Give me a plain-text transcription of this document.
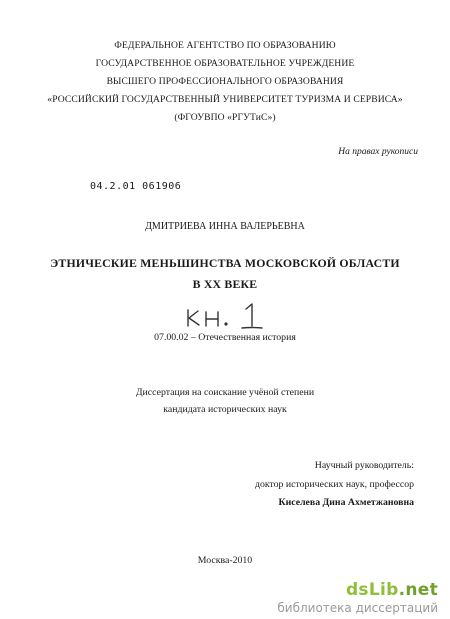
ФЕДЕРАЛЬНОЕ АГЕНТСТВО ПО ОБРАЗОВАНИЮ
ГОСУДАРСТВЕННОЕ ОБРАЗОВАТЕЛЬНОЕ УЧРЕЖДЕНИЕ
ВЫСШЕГО ПРОФЕССИОНАЛЬНОГО ОБРАЗОВАНИЯ
«РОССИЙСКИЙ ГОСУДАРСТВЕННЫЙ УНИВЕРСИТЕТ ТУРИЗМА И СЕРВИСА»
(ФГОУВПО «РГУТиС»)
На правах рукописи
04.2.01 061906
ДМИТРИЕВА ИННА ВАЛЕРЬЕВНА
ЭТНИЧЕСКИЕ МЕНЬШИНСТВА МОСКОВСКОЙ ОБЛАСТИ
В XX ВЕКЕ
07.00.02 – Отечественная история
Диссертация на соискание учёной степени
кандидата исторических наук
Научный руководитель:
доктор исторических наук, профессор
Киселева Дина Ахметжановна
Москва-2010
dsLib.net
библиотека диссертаций
